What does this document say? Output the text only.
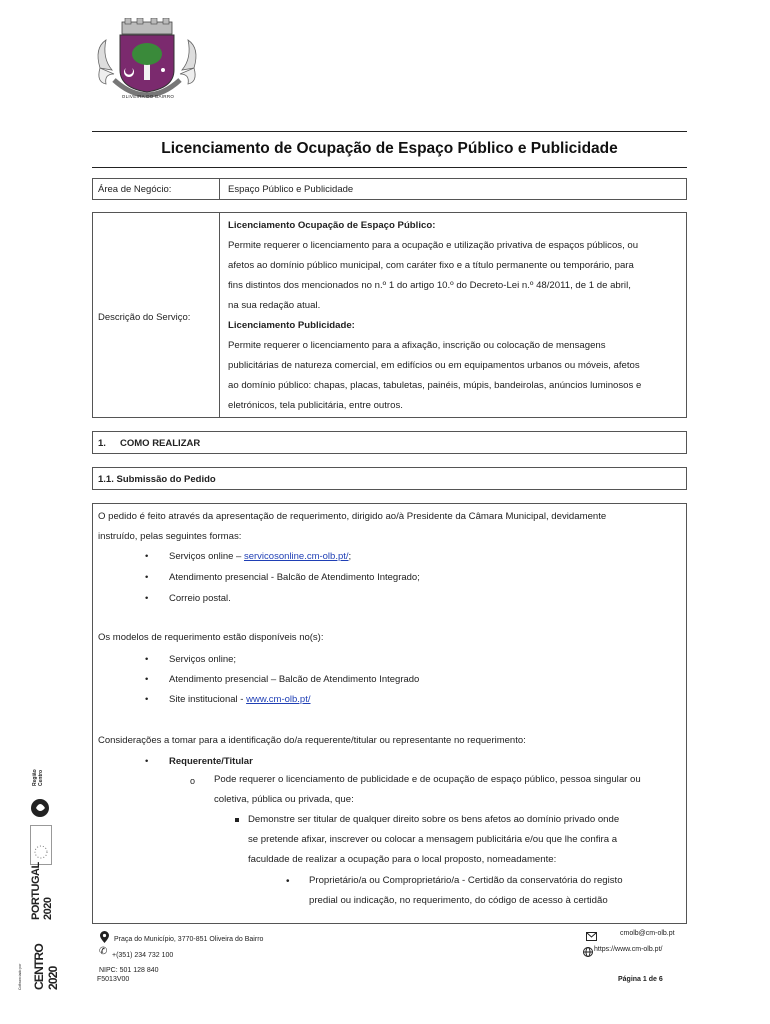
OLIVEIRA DO BAIRRO
Licenciamento de Ocupação de Espaço Público e Publicidade
Área de Negócio:	Espaço Público e Publicidade
Descrição do Serviço:
Licenciamento Ocupação de Espaço Público:
Permite requerer o licenciamento para a ocupação e utilização privativa de espaços públicos, ou
afetos ao domínio público municipal, com caráter fixo e a título permanente ou temporário, para
fins distintos dos mencionados no n.º 1 do artigo 10.º do Decreto-Lei n.º 48/2011, de 1 de abril,
na sua redação atual.
Licenciamento Publicidade:
Permite requerer o licenciamento para a afixação, inscrição ou colocação de mensagens
publicitárias de natureza comercial, em edifícios ou em equipamentos urbanos ou móveis, afetos
ao domínio público: chapas, placas, tabuletas, painéis, múpis, bandeirolas, anúncios luminosos e
eletrónicos, tela publicitária, entre outros.
1. COMO REALIZAR
1.1. Submissão do Pedido
O pedido é feito através da apresentação de requerimento, dirigido ao/à Presidente da Câmara Municipal, devidamente
instruído, pelas seguintes formas:
• Serviços online – servicosonline.cm-olb.pt/;
• Atendimento presencial - Balcão de Atendimento Integrado;
• Correio postal.
Os modelos de requerimento estão disponíveis no(s):
• Serviços online;
• Atendimento presencial – Balcão de Atendimento Integrado
• Site institucional - www.cm-olb.pt/
Considerações a tomar para a identificação do/a requerente/titular ou representante no requerimento:
• Requerente/Titular
o Pode requerer o licenciamento de publicidade e de ocupação de espaço público, pessoa singular ou
coletiva, pública ou privada, que:
Demonstre ser titular de qualquer direito sobre os bens afetos ao domínio privado onde
se pretende afixar, inscrever ou colocar a mensagem publicitária e/ou que lhe confira a
faculdade de realizar a ocupação para o local proposto, nomeadamente:
• Proprietário/a ou Comproprietário/a - Certidão da conservatória do registo
predial ou indicação, no requerimento, do código de acesso à certidão
Região Centro
PORTUGAL 2020
CENTRO 2020
Cofinanciado por
Praça do Município, 3770-851 Oliveira do Bairro
✆ +(351) 234 732 100
cmolb@cm-olb.pt
https://www.cm-olb.pt/
NIPC: 501 128 840
F5013V00	Página 1 de 6
